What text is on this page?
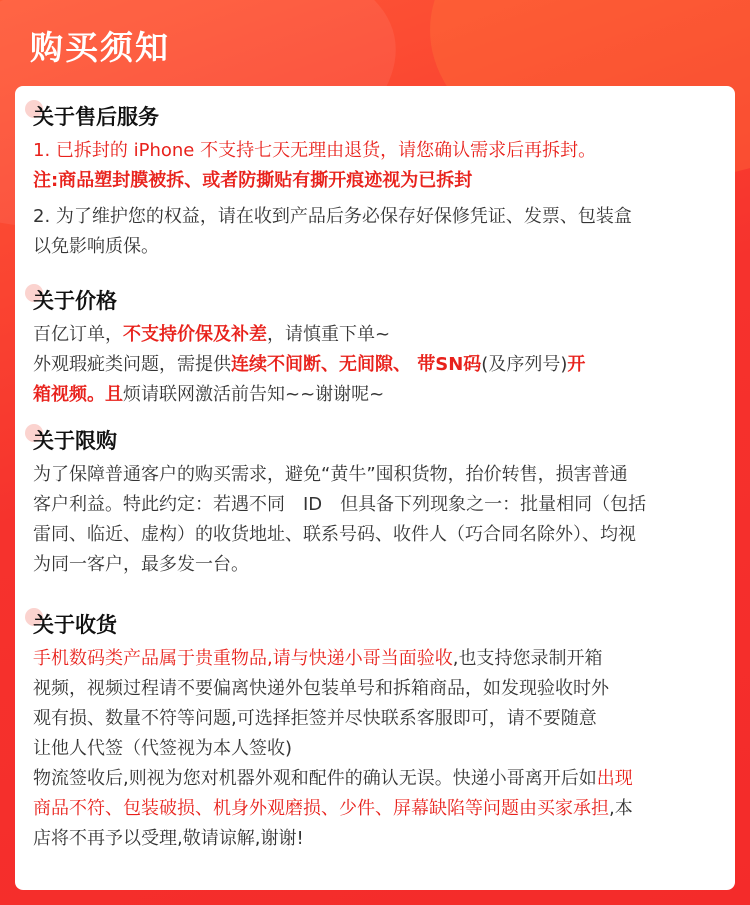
购买须知
关于售后服务

1. 已拆封的 iPhone 不支持七天无理由退货，请您确认需求后再拆封。

注:商品塑封膜被拆、或者防撕贴有撕开痕迹视为已拆封

2. 为了维护您的权益，请在收到产品后务必保存好保修凭证、发票、包装盒

以免影响质保。

关于价格

百亿订单，不支持价保及补差，请慎重下单~

外观瑕疵类问题，需提供连续不间断、无间隙、 带SN码(及序列号)开

箱视频。且烦请联网激活前告知~~谢谢呢~

关于限购

为了保障普通客户的购买需求，避免“黄牛”囤积货物，抬价转售，损害普通

客户利益。特此约定：若遇不同　ID　但具备下列现象之一：批量相同（包括

雷同、临近、虚构）的收货地址、联系号码、收件人（巧合同名除外）、均视

为同一客户，最多发一台。

关于收货

手机数码类产品属于贵重物品,请与快递小哥当面验收,也支持您录制开箱

视频，视频过程请不要偏离快递外包装单号和拆箱商品，如发现验收时外

观有损、数量不符等问题,可选择拒签并尽快联系客服即可，请不要随意

让他人代签（代签视为本人签收)

物流签收后,则视为您对机器外观和配件的确认无误。快递小哥离开后如出现

商品不符、包装破损、机身外观磨损、少件、屏幕缺陷等问题由买家承担,本

店将不再予以受理,敬请谅解,谢谢!
